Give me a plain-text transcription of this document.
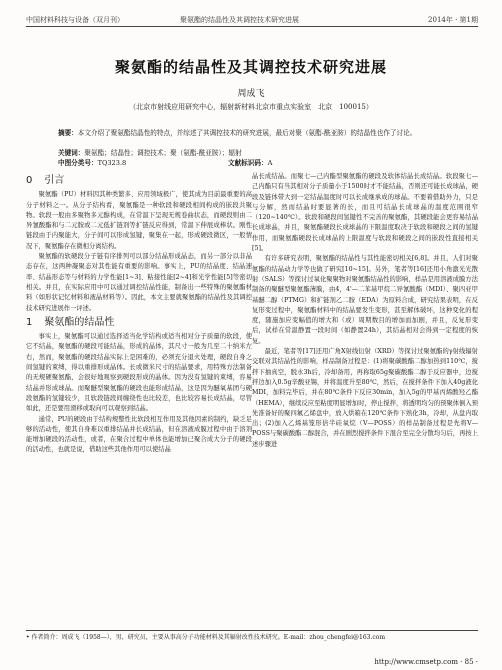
中国材料科技与设备（双月刊）	聚氨酯的结晶性及其调控技术研究进展	2014年 · 第1期
聚氨酯的结晶性及其调控技术研究进展
周成飞
（北京市射线应用研究中心，辐射新材料北京市重点实验室　北京　100015）
摘要：本文介绍了聚氨酯结晶性的特点，并综述了其调控技术的研究进展，最后对聚（氨酯-酰亚胺）的结晶性也作了讨论。
关键词：聚氨酯；结晶性；调控技术；聚（氨酯-酰亚胺）；辐射
中图分类号：TQ323.8	文献标识码：A
0 引言

聚氨酯（PU）材料因其种类繁多、应用领域极广，使其成为目前最重要的高分子材料之一。从分子结构看，聚氨酯是一种软段和硬段相间构成的嵌段共聚物。软段一般由多聚物多元醇构成，在常温下呈现无规卷曲状态，而硬段则由二异氰酸酯和与二元胺或二元低扩链剂等扩链反应得到，常温下伸展成棒状。刚性链段由于内聚能大，分子间可以形成氢键，聚集在一起，形成硬段微区，一般情况下，聚氨酯存在微相分离结构。

聚氨酯的软硬段分子链有序排列可以部分结晶形成晶态，而另一部分以非晶态存在，这两种凝聚态对其性能有重要的影响。事实上，PU的结晶度、结晶速率、结晶形态等与材料的力学性能[1~3]、粘接性能[2~4]和光学性能[5]等密切相关。并且，在实际应用中可以通过调控结晶性能，制备出一些特殊的聚氨酯材料（如形状记忆材料和液晶材料等）。因此，本文主要就聚氨酯的结晶性及其调控技术研究进展作一评述。

1 聚氨酯的结晶性

事实上，聚氨酯可以通过选择适当化学结构或适当相对分子质量的软段，使它不结晶，聚氨酯的硬段可能结晶，形成的晶体，其尺寸一般为几至二十纳米左右，然而，聚氨酯的硬段结晶实际上是困难的，必须充分退火处理，硬段自身之间氢键的束缚，得以重排形成晶体。长或微米尺寸的结晶要求，用特殊方法制备的无规硬聚氨酯，会很好地观察到硬段形成的晶体。因为没有氢键的束缚，容易结晶并形成球晶。而聚醚型聚氨酯的硬段也能形成结晶，这是因为醚氧基团与硬段氨酯的氢键较少，且软段链段间缠绕性也比较差，也比较容易长成结晶，尽管如此，还是要用滑移或取向可以观察到结晶。

通常，PU的硬段由于结构规整性比软段相互作用及其他因素的制约，缺乏足够的活动性，使其自身难以重排结晶并长成结晶，但在溶液成膜过程中由于溶剂能增加硬段的活动性，或者，在聚合过程中单体也能增加已聚合成大分子的硬段的活动性，也就是说，借助这些其他作用可以使结晶

晶长成结晶。而聚七—己内酯型聚氨酯的硬段及软体结晶长成结晶。软段聚七—己内酯只有当其相对分子质量小于1500时才不能结晶，否则还可能长成球晶，硬段及链体带大到一定结晶温度时可以长成继承成的球晶。不要着借助外力，只是与分解，然而结晶时要显著的长，而且可结晶长成球晶的温度范围很窄（120~140℃）。软段和硬段间氢键性不完善的聚氨酯，其硬段能会更容易结晶长成球晶，并且，聚氨酯硬段长成球晶的下限温度取决于软段和硬段之间的氢键作用，而聚氨酯硬段长成球晶的上限温度与软段和硬段之间的嵌段性直接相关[5]。

有许多研究表明，聚氨酯的结晶性与其性能密切相关[6,8]。并且，人们对聚氨酯的结晶动力学等也做了研究[10~15]。另外，笔者等[16]还用小角激光光散射（SALS）等探讨过氧化聚聚物对聚氨酯结晶性的影响，样品是用溶液成膜方法制备的聚醚型聚氨酯薄膜，由4，4'—二苯基甲烷二异氰酸酯（MDI）、聚四亚甲基醚二醇（PTMG）和扩链剂乙二胺（EDA）为原料合成，研究结果表明，在反复形变过程中，聚氨酯材料中的结晶要发生变形，甚至解体破坏，这种变化的程度，随施加应变幅值的增大和（或）周期数目的增加而加剧，并且，反复形变后，试样在常温静置一段时间（如静置24h），其结晶相对会得到一定程度的恢复。

最近，笔者等[17]还用广角X射线衍射（XRD）等探讨过聚氨酯的γ射线辐射交联对其结晶性的影响，样品制备过程是：(1)将聚碳酸酯二醇加热到110℃，搅拌下抽真空，脱水3h后，冷却备用，再称取65g聚碳酸酯二醇于反应器中，边搅拌边加入0.5g辛酸亚锡，并将温度升至80℃，然后，在搅拌条件下加入40g液化MDI，加料完毕后，并在80℃条件下反应30min，加入5g的甲基丙烯酸羟乙酯（HEMA），继续反应至粘度明显增加时，停止搅拌，将透明均匀的预聚体倒入预先准备好的聚四氟乙烯盘中，放入烘箱在120℃条件下熟化3h，冷却，从盘内取出；(2)加入乙烯基笼形倍半硅氧烷（V—POSS）的样品制备过程是先将V—POSS与聚碳酸酯二醇混合，并在剧烈搅拌条件下混合至完全分散均匀后，再按上述步骤进

• 作者简介：周成飞（1958—），男，研究员，主要从事高分子功能材料及其辐射改性技术研究。E-mail：zhou_chengfei@163.com
http://www.cmsetp.com · 85 ·
